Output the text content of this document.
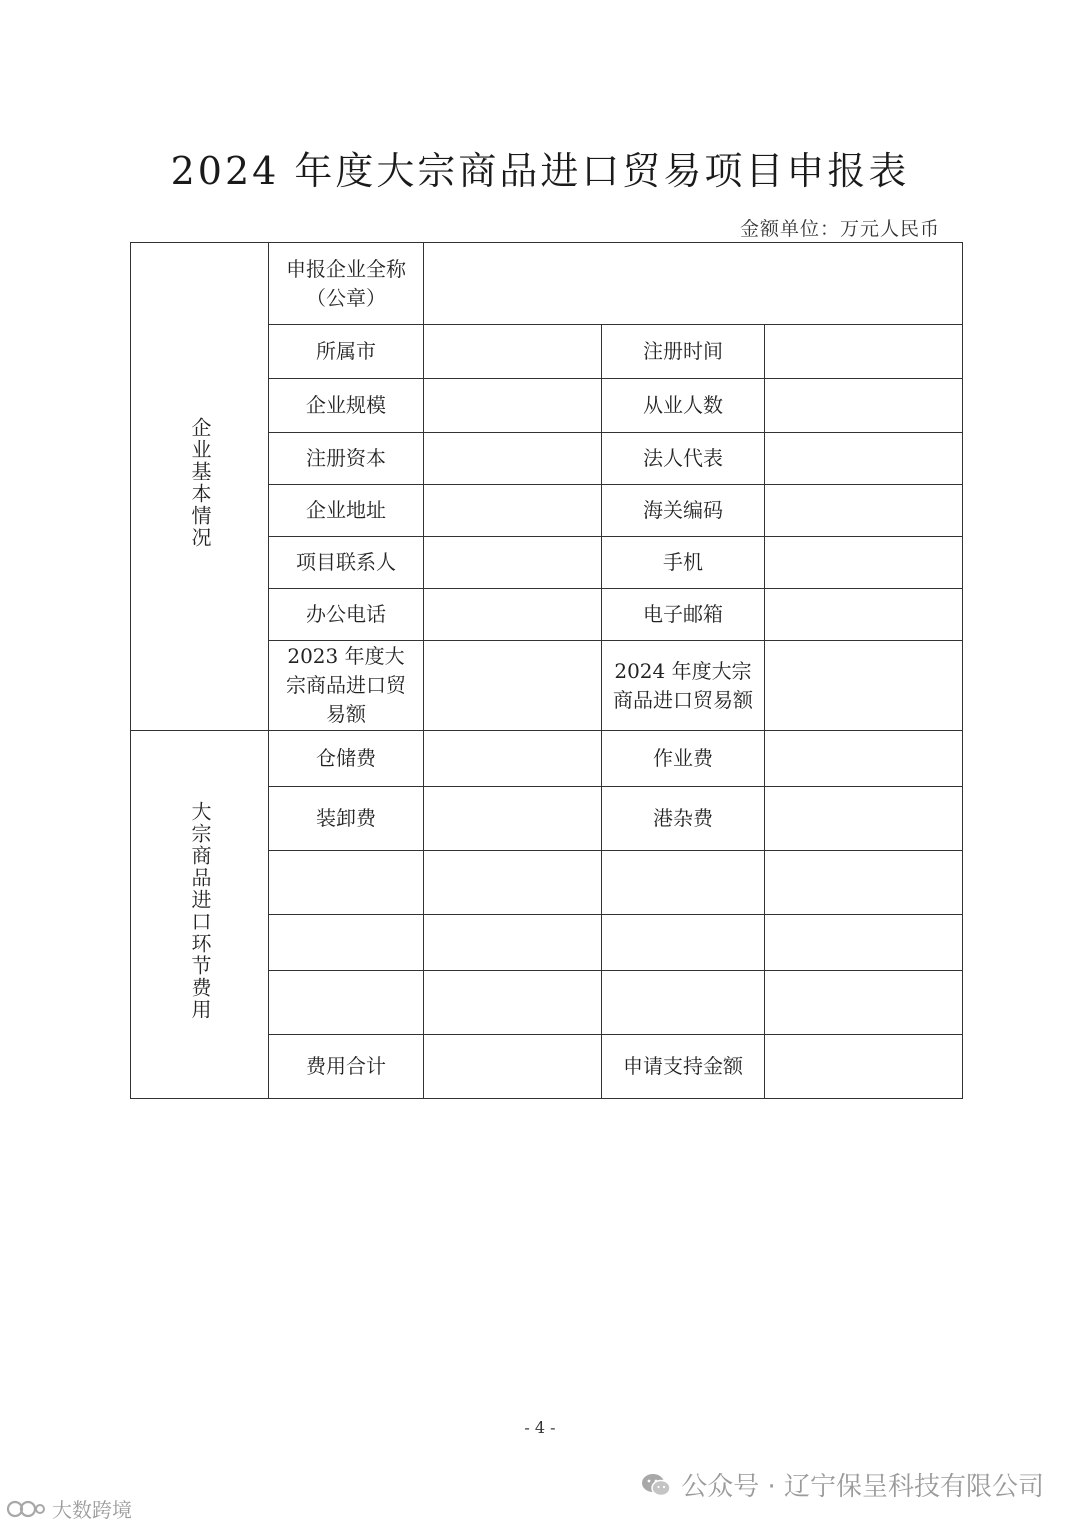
2024 年度大宗商品进口贸易项目申报表
金额单位：万元人民币
企业基本情况	申报企业全称（公章）			
	所属市		注册时间	
	企业规模		从业人数	
	注册资本		法人代表	
	企业地址		海关编码	
	项目联系人		手机	
	办公电话		电子邮箱	
	2023 年度大宗商品进口贸易额		2024 年度大宗商品进口贸易额	

大宗商品进口环节费用	仓储费		作业费	
	装卸费		港杂费	

	费用合计		申请支持金额	
- 4 -
公众号 · 辽宁保呈科技有限公司
大数跨境
